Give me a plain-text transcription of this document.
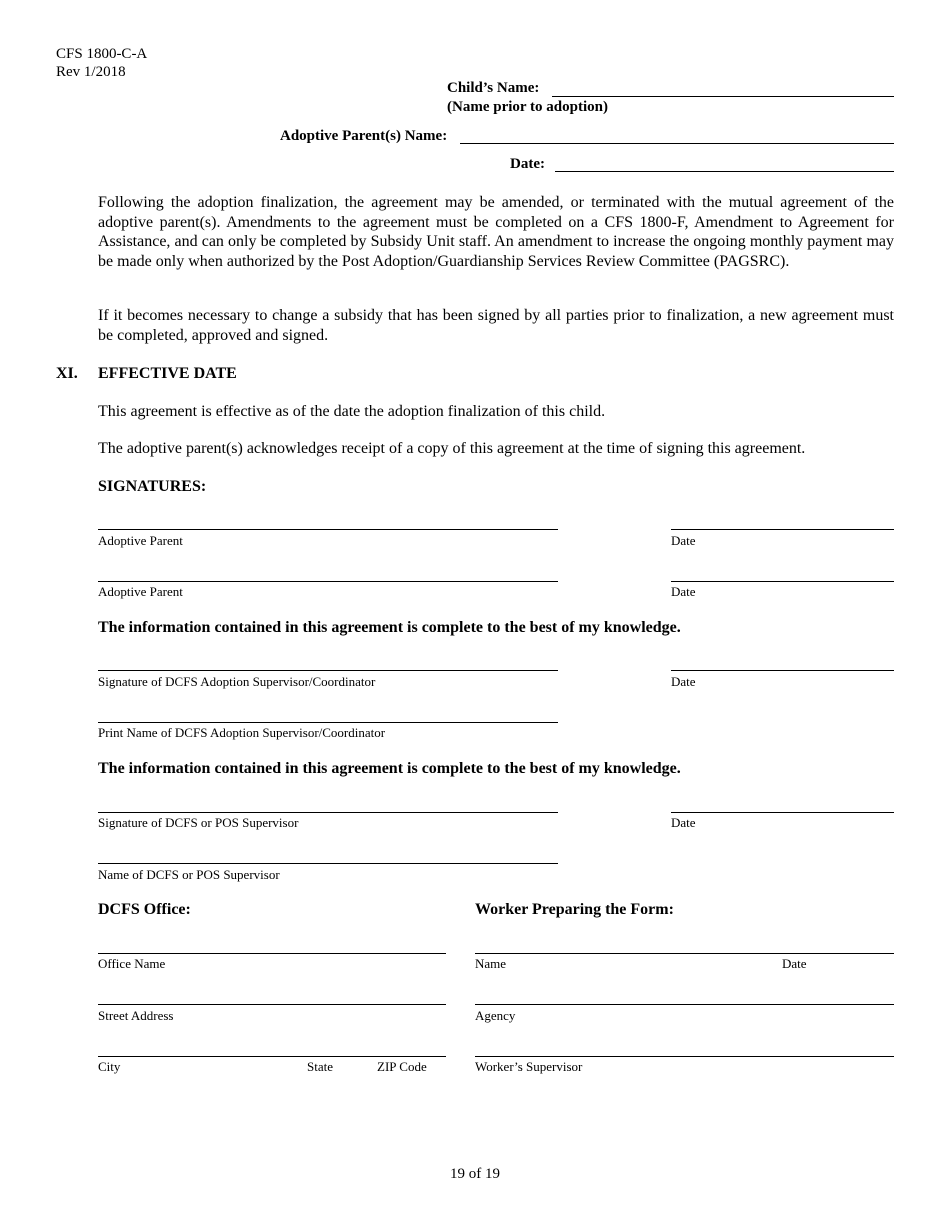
CFS 1800-C-A
Rev 1/2018
Child’s Name:
(Name prior to adoption)
Adoptive Parent(s) Name:
Date:
Following the adoption finalization, the agreement may be amended, or terminated with the mutual agreement of the adoptive parent(s). Amendments to the agreement must be completed on a CFS 1800-F, Amendment to Agreement for Assistance, and can only be completed by Subsidy Unit staff. An amendment to increase the ongoing monthly payment may be made only when authorized by the Post Adoption/Guardianship Services Review Committee (PAGSRC).
If it becomes necessary to change a subsidy that has been signed by all parties prior to finalization, a new agreement must be completed, approved and signed.
XI. EFFECTIVE DATE
This agreement is effective as of the date the adoption finalization of this child.
The adoptive parent(s) acknowledges receipt of a copy of this agreement at the time of signing this agreement.
SIGNATURES:
Adoptive Parent	Date
Adoptive Parent	Date
The information contained in this agreement is complete to the best of my knowledge.
Signature of DCFS Adoption Supervisor/Coordinator	Date
Print Name of DCFS Adoption Supervisor/Coordinator
The information contained in this agreement is complete to the best of my knowledge.
Signature of DCFS or POS Supervisor	Date
Name of DCFS or POS Supervisor
DCFS Office:
Office Name
Street Address
City	State	ZIP Code
Worker Preparing the Form:
Name	Date
Agency
Worker’s Supervisor
19 of 19
